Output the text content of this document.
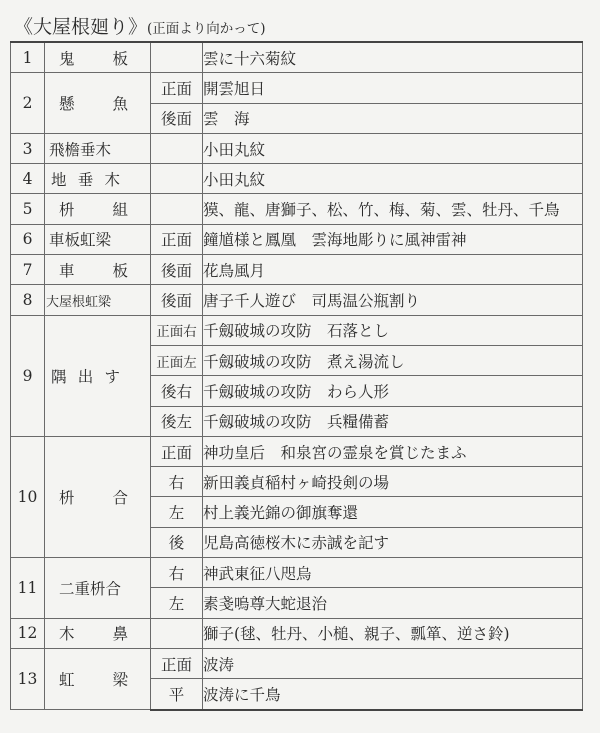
《大屋根廻り》(正面より向かって)
1	鬼 板		雲に十六菊紋
2	懸 魚	正面	開雲旭日
		後面	雲　海
3	飛檐垂木		小田丸紋
4	地 垂 木		小田丸紋
5	枡 組		獏、龍、唐獅子、松、竹、梅、菊、雲、牡丹、千鳥
6	車板虹梁	正面	鐘馗様と鳳凰　雲海地彫りに風神雷神
7	車 板	後面	花鳥風月
8	大屋根虹梁	後面	唐子千人遊び　司馬温公瓶割り
9	隅 出 す	正面右	千劔破城の攻防　石落とし
		正面左	千劔破城の攻防　煮え湯流し
		後右	千劔破城の攻防　わら人形
		後左	千劔破城の攻防　兵糧備蓄
10	枡 合	正面	神功皇后　和泉宮の霊泉を賞じたまふ
		右	新田義貞稲村ヶ崎投剣の場
		左	村上義光錦の御旗奪還
		後	児島高徳桜木に赤誠を記す
11	二重枡合	右	神武東征八咫烏
		左	素戔嗚尊大蛇退治
12	木 鼻		獅子(毬、牡丹、小槌、親子、瓢箪、逆さ鈴)
13	虹 梁	正面	波涛
		平	波涛に千鳥
